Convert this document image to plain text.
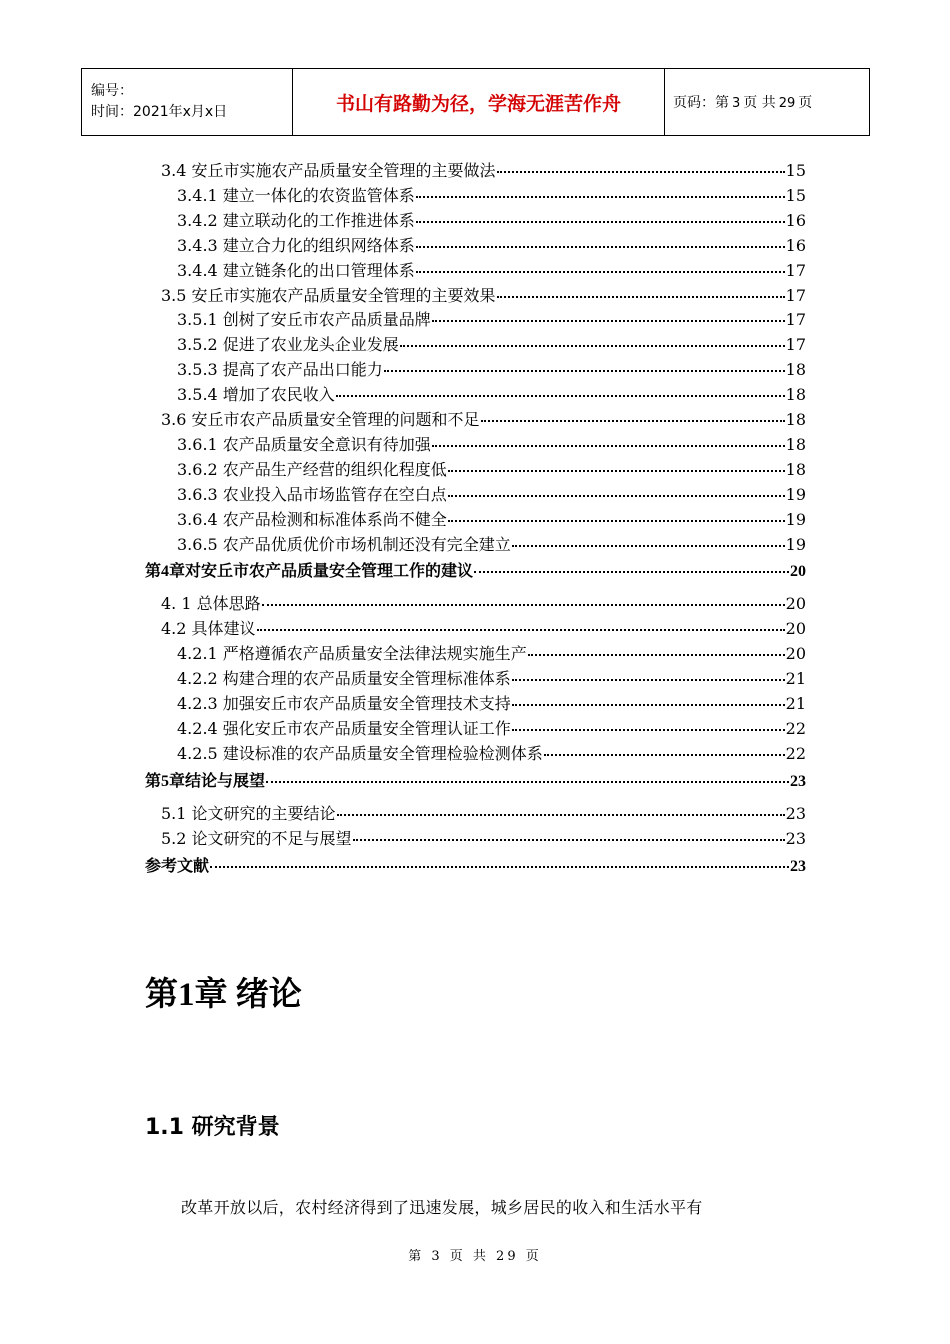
编号：
时间：2021年x月x日	书山有路勤为径，学海无涯苦作舟	页码：第 3 页 共 29 页
3.4 安丘市实施农产品质量安全管理的主要做法	15
3.4.1 建立一体化的农资监管体系	15
3.4.2 建立联动化的工作推进体系	16
3.4.3 建立合力化的组织网络体系	16
3.4.4 建立链条化的出口管理体系	17
3.5 安丘市实施农产品质量安全管理的主要效果	17
3.5.1 创树了安丘市农产品质量品牌	17
3.5.2 促进了农业龙头企业发展	17
3.5.3 提高了农产品出口能力	18
3.5.4 增加了农民收入	18
3.6 安丘市农产品质量安全管理的问题和不足	18
3.6.1 农产品质量安全意识有待加强	18
3.6.2 农产品生产经营的组织化程度低	18
3.6.3 农业投入品市场监管存在空白点	19
3.6.4 农产品检测和标准体系尚不健全	19
3.6.5 农产品优质优价市场机制还没有完全建立	19
第4章对安丘市农产品质量安全管理工作的建议	20
4. 1 总体思路	20
4.2 具体建议	20
4.2.1 严格遵循农产品质量安全法律法规实施生产	20
4.2.2 构建合理的农产品质量安全管理标准体系	21
4.2.3 加强安丘市农产品质量安全管理技术支持	21
4.2.4 强化安丘市农产品质量安全管理认证工作	22
4.2.5 建设标准的农产品质量安全管理检验检测体系	22
第5章结论与展望	23
5.1 论文研究的主要结论	23
5.2 论文研究的不足与展望	23
参考文献	23
第1章 绪论
1.1 研究背景
改革开放以后，农村经济得到了迅速发展，城乡居民的收入和生活水平有
第 3 页 共 29 页
